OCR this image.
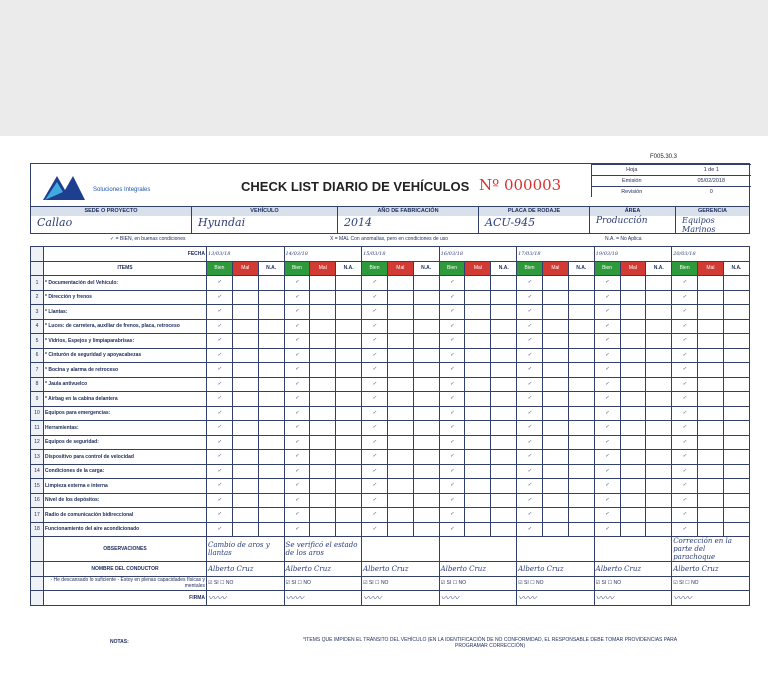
F005.30.3
Soluciones Integrales	CHECK LIST DIARIO DE VEHÍCULOS Nº 000003
Hoja	1 de 1
Emisión	05/02/2018
Revisión	0
SEDE O PROYECTO
Callao
VEHÍCULO
Hyundai
AÑO DE FABRICACIÓN
2014
PLACA DE RODAJE
ACU-945
ÁREA
Producción
GERENCIA
Equipos Marinos
✓ = BIEN, en buenas condiciones	X = MAL Con anomalías, pero en condiciones de uso	N.A. = No Aplica
	FECHA	13/03/18			14/03/18			15/03/18			16/03/18			17/03/18			19/03/18			20/03/18		
	ITEMS	Bien	Mal	N.A.	Bien	Mal	N.A.	Bien	Mal	N.A.	Bien	Mal	N.A.	Bien	Mal	N.A.	Bien	Mal	N.A.	Bien	Mal	N.A.
1	* Documentación del Vehículo:	✓			✓			✓			✓			✓			✓			✓		
2	* Dirección y frenos	✓			✓			✓			✓			✓			✓			✓		
3	* Llantas:	✓			✓			✓			✓			✓			✓			✓		
4	* Luces: de carretera, auxiliar de frenos, placa, retroceso	✓			✓			✓			✓			✓			✓			✓		
5	* Vidrios, Espejos y limpiaparabrisas:	✓			✓			✓			✓			✓			✓			✓		
6	* Cinturón de seguridad y apoyacabezas	✓			✓			✓			✓			✓			✓			✓		
7	* Bocina y alarma de retroceso	✓			✓			✓			✓			✓			✓			✓		
8	* Jaula antivuelco	✓			✓			✓			✓			✓			✓			✓		
9	* Airbag en la cabina delantera	✓			✓			✓			✓			✓			✓			✓		
10	Equipos para emergencias:	✓			✓			✓			✓			✓			✓			✓		
11	Herramientas:	✓			✓			✓			✓			✓			✓			✓		
12	Equipos de seguridad:	✓			✓			✓			✓			✓			✓			✓		
13	Dispositivo para control de velocidad	✓			✓			✓			✓			✓			✓			✓		
14	Condiciones de la carga:	✓			✓			✓			✓			✓			✓			✓		
15	Limpieza externa e interna	✓			✓			✓			✓			✓			✓			✓		
16	Nivel de los depósitos:	✓			✓			✓			✓			✓			✓			✓		
17	Radio de comunicación bidireccional	✓			✓			✓			✓			✓			✓			✓		
18	Funcionamiento del aire acondicionado	✓			✓			✓			✓			✓			✓			✓		
	OBSERVACIONES	Cambio de aros y llantas			Se verificó el estado de los aros															Corrección en la parte del parachoque		
	NOMBRE DEL CONDUCTOR	Alberto Cruz			Alberto Cruz			Alberto Cruz			Alberto Cruz			Alberto Cruz			Alberto Cruz			Alberto Cruz		
	- He descansado lo suficiente - Estoy en plenas capacidades físicas y mentales	☑ SI ☐ NO			☑ SI ☐ NO			☑ SI ☐ NO			☑ SI ☐ NO			☑ SI ☐ NO			☑ SI ☐ NO			☑ SI ☐ NO		
	FIRMA	〰〰			〰〰			〰〰			〰〰			〰〰			〰〰			〰〰		
NOTAS:	*ITEMS QUE IMPIDEN EL TRÁNSITO DEL VEHÍCULO (EN LA IDENTIFICACIÓN DE NO CONFORMIDAD, EL RESPONSABLE DEBE TOMAR PROVIDENCIAS PARA PROGRAMAR CORRECCIÓN)
